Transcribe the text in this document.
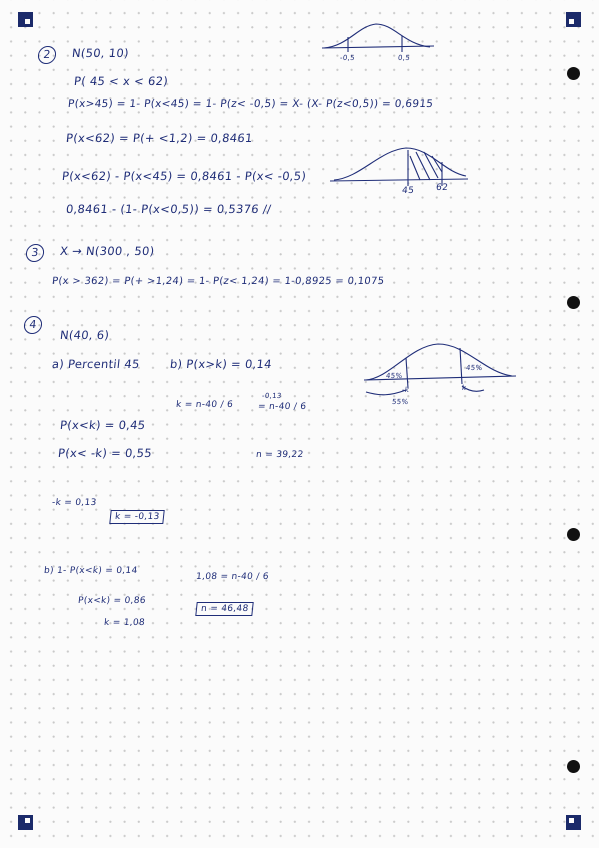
2	N(50, 10)
P( 45 < x < 62)
P(x>45) = 1- P(x<45) = 1- P(z< -0,5) = X- (X- P(z<0,5)) = 0,6915
P(x<62) = P(+ <1,2) = 0,8461
P(x<62) - P(x<45) = 0,8461 - P(x< -0,5)
0,8461 - (1- P(x<0,5)) = 0,5376 //
-0,5	0,5
45 62
3	X → N(300 , 50)
P(x > 362) = P(+ >1,24) = 1- P(z< 1,24) = 1-0,8925 = 0,1075
4
N(40, 6)
a) Percentil 45	b) P(x>k) = 0,14
k = n-40 / 6
-0,13
= n-40 / 6
45%
45%
-k	k
55%
P(x<k) = 0,45
P(x< -k) = 0,55	n = 39,22
-k = 0,13
k = -0,13
b) 1- P(x<k) = 0,14
1,08 = n-40 / 6
P(x<k) = 0,86
n = 46,48
k = 1,08
